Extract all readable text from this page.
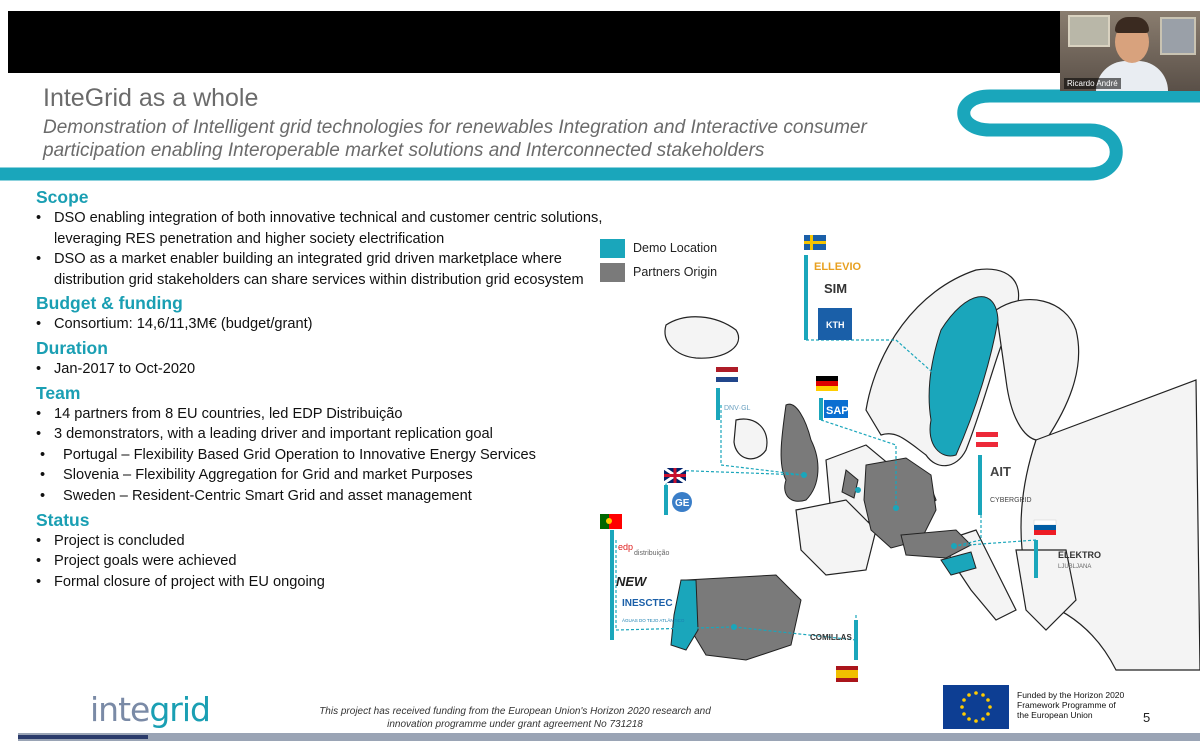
Ricardo André
InteGrid as a whole
Demonstration of Intelligent grid technologies for renewables Integration and Interactive consumer participation enabling Interoperable market solutions and Interconnected stakeholders

Scope

• DSO enabling integration of both innovative technical and customer centric solutions, leveraging RES penetration and higher society electrification
• DSO as a market enabler building an integrated grid driven marketplace where distribution grid stakeholders can share services within distribution grid ecosystem

Budget & funding

• Consortium: 14,6/11,3M€ (budget/grant)

Duration

• Jan-2017 to Oct-2020

Team

• 14 partners from 8 EU countries, led EDP Distribuição
• 3 demonstrators, with a leading driver and important replication goal
• Portugal – Flexibility Based Grid Operation to Innovative Energy Services
• Slovenia – Flexibility Aggregation for Grid and market Purposes
• Sweden – Resident-Centric Smart Grid and asset management

Status

• Project is concluded
• Project goals were achieved
• Formal closure of project with EU ongoing
ELLEVIO
SIM
KTH
DNV·GL	SAP
AIT
CYBERGRID
GE
ELEKTRO
LJUBLJANA
edp
distribuição
NEW
INESCTEC
ÁGUAS DO TEJO ATLÂNTICO
COMILLAS
Demo Location
Partners Origin
integrid	This project has received funding from the European Union's Horizon 2020 research and innovation programme under grant agreement No 731218
Funded by the Horizon 2020 Framework Programme of the European Union	5
